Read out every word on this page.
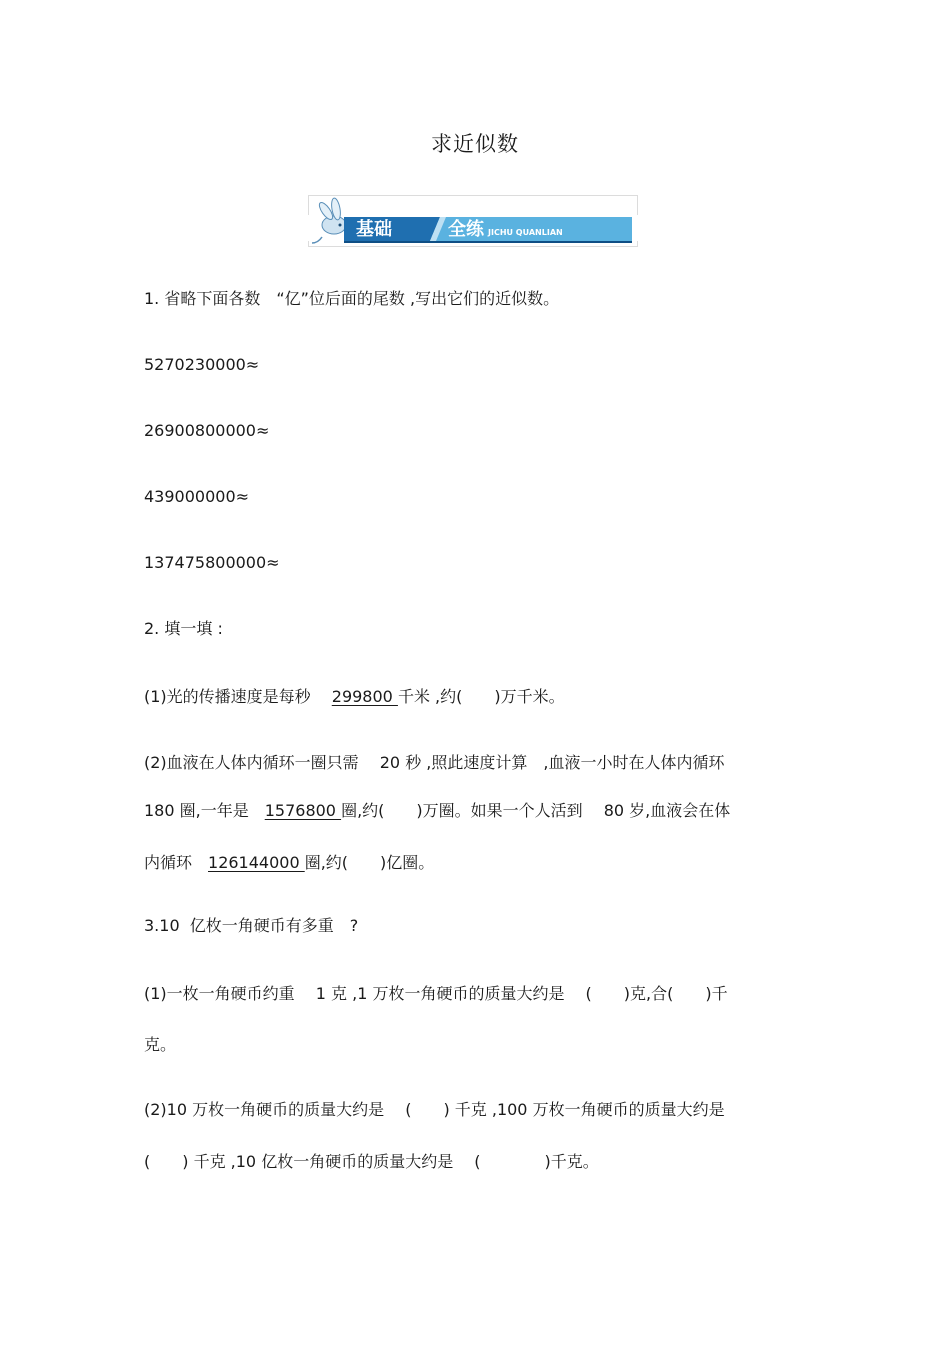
求近似数
基础	全练 JICHU QUANLIAN
1. 省略下面各数　“亿”位后面的尾数 ,写出它们的近似数。
5270230000≈
26900800000≈
439000000≈
137475800000≈
2. 填一填 :
(1)光的传播速度是每秒　 299800 千米 ,约(　　)万千米。
(2)血液在人体内循环一圈只需　 20 秒 ,照此速度计算　,血液一小时在人体内循环
180 圈,一年是　1576800 圈,约(　　)万圈。如果一个人活到　 80 岁,血液会在体
内循环　126144000 圈,约(　　)亿圈。
3.10  亿枚一角硬币有多重　?
(1)一枚一角硬币约重　 1 克 ,1 万枚一角硬币的质量大约是　 (　　)克,合(　　)千
克。
(2)10 万枚一角硬币的质量大约是　 (　　) 千克 ,100 万枚一角硬币的质量大约是
(　　) 千克 ,10 亿枚一角硬币的质量大约是　 (　　　　)千克。
